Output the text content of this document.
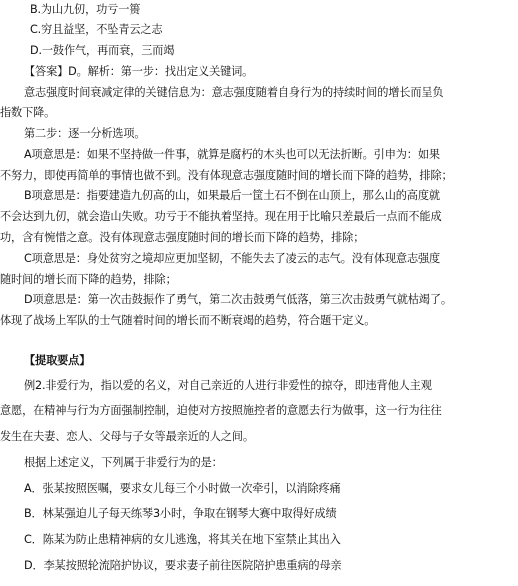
B.为山九仞，功亏一篑
C.穷且益坚，不坠青云之志
D.一鼓作气，再而衰，三而竭
【答案】D。解析：第一步：找出定义关键词。
意志强度时间衰减定律的关键信息为：意志强度随着自身行为的持续时间的增长而呈负
指数下降。
第二步：逐一分析选项。
A项意思是：如果不坚持做一件事，就算是腐朽的木头也可以无法折断。引申为：如果
不努力，即使再简单的事情也做不到。没有体现意志强度随时间的增长而下降的趋势，排除；
B项意思是：指要建造九仞高的山，如果最后一筐土石不倒在山顶上，那么山的高度就
不会达到九仞，就会造山失败。功亏于不能执着坚持。现在用于比喻只差最后一点而不能成
功，含有惋惜之意。没有体现意志强度随时间的增长而下降的趋势，排除；
C项意思是：身处贫穷之境却应更加坚韧，不能失去了凌云的志气。没有体现意志强度
随时间的增长而下降的趋势，排除；
D项意思是：第一次击鼓振作了勇气，第二次击鼓勇气低落，第三次击鼓勇气就枯竭了。
体现了战场上军队的士气随着时间的增长而不断衰竭的趋势，符合题干定义。
【提取要点】
例2.非爱行为，指以爱的名义，对自己亲近的人进行非爱性的掠夺，即违背他人主观
意愿，在精神与行为方面强制控制，迫使对方按照施控者的意愿去行为做事，这一行为往往
发生在夫妻、恋人、父母与子女等最亲近的人之间。
根据上述定义，下列属于非爱行为的是：
A．张某按照医嘱，要求女儿每三个小时做一次牵引，以消除疼痛
B．林某强迫儿子每天练琴3小时，争取在钢琴大赛中取得好成绩
C．陈某为防止患精神病的女儿逃逸，将其关在地下室禁止其出入
D．李某按照轮流陪护协议，要求妻子前往医院陪护患重病的母亲
